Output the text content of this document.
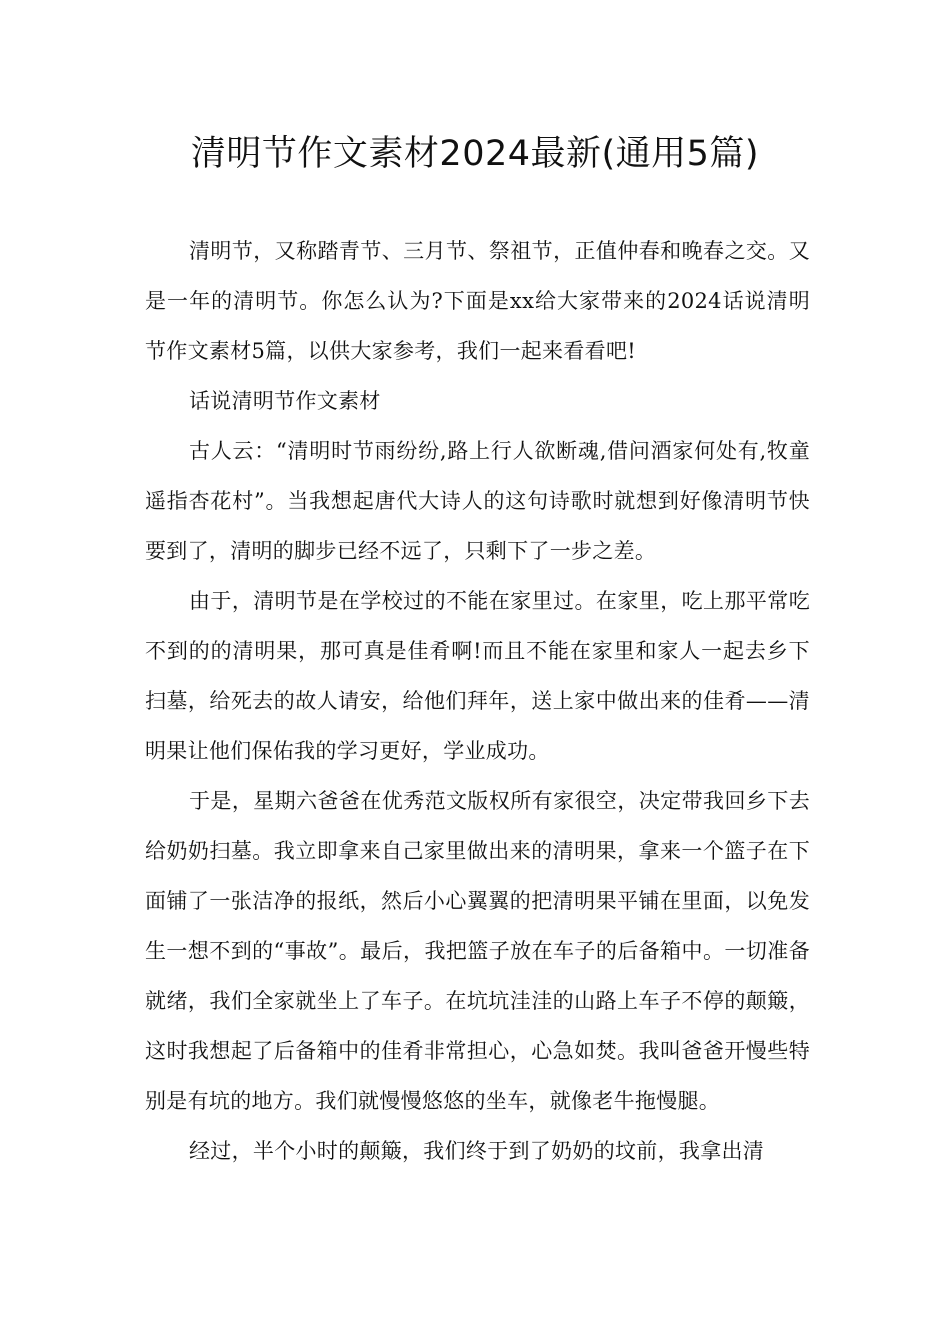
清明节作文素材2024最新(通用5篇)

清明节，又称踏青节、三月节、祭祖节，正值仲春和晚春之交。又是一年的清明节。你怎么认为?下面是xx给大家带来的2024话说清明节作文素材5篇，以供大家参考，我们一起来看看吧!

话说清明节作文素材

古人云：“清明时节雨纷纷,路上行人欲断魂,借问酒家何处有,牧童遥指杏花村”。当我想起唐代大诗人的这句诗歌时就想到好像清明节快要到了，清明的脚步已经不远了，只剩下了一步之差。

由于，清明节是在学校过的不能在家里过。在家里，吃上那平常吃不到的的清明果，那可真是佳肴啊!而且不能在家里和家人一起去乡下扫墓，给死去的故人请安，给他们拜年，送上家中做出来的佳肴——清明果让他们保佑我的学习更好，学业成功。

于是，星期六爸爸在优秀范文版权所有家很空，决定带我回乡下去给奶奶扫墓。我立即拿来自己家里做出来的清明果，拿来一个篮子在下面铺了一张洁净的报纸，然后小心翼翼的把清明果平铺在里面，以免发生一想不到的“事故”。最后，我把篮子放在车子的后备箱中。一切准备就绪，我们全家就坐上了车子。在坑坑洼洼的山路上车子不停的颠簸，这时我想起了后备箱中的佳肴非常担心，心急如焚。我叫爸爸开慢些特别是有坑的地方。我们就慢慢悠悠的坐车，就像老牛拖慢腿。

经过，半个小时的颠簸，我们终于到了奶奶的坟前，我拿出清
